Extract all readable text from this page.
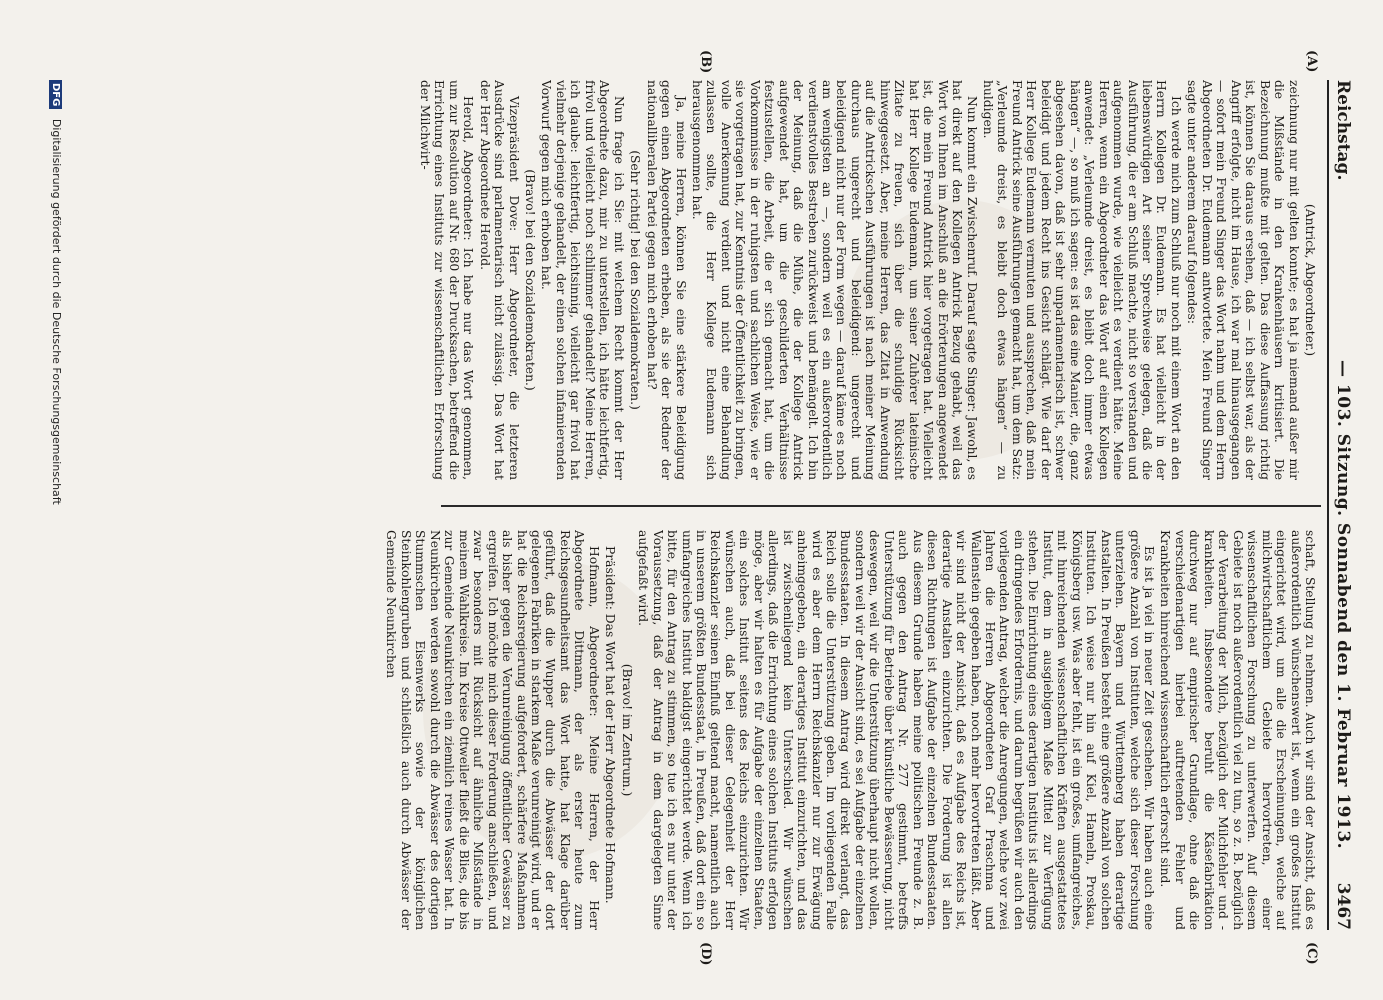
Reichstag.
— 103. Sitzung. Sonnabend den 1. Februar 1913.
3467
(A)
(B)
(C)
(D)

(Antrick, Abgeordneter.)

zeichnung nur mit gelten konnte; es hat ja niemand außer mir die Mißstände in den Krankenhäusern kritisiert. Die Bezeichnung mußte mit gelten. Das diese Auffassung richtig ist, können Sie daraus ersehen, daß — ich selbst war, als der Angriff erfolgte, nicht im Hause, ich war mal hinausgegangen — sofort mein Freund Singer das Wort nahm und dem Herrn Abgeordneten Dr. Eudemann antwortete. Mein Freund Singer sagte unter anderem darauf folgendes:

Ich werde mich zum Schluß nur noch mit einem Wort an den Herrn Kollegen Dr. Eudemann. Es hat vielleicht in der liebenswürdigen Art seiner Sprechweise gelegen, daß die Ausführung, die er am Schluß machte, nicht so verstanden und aufgenommen wurde, wie vielleicht es verdient hätte. Meine Herren, wenn ein Abgeordneter das Wort auf einen Kollegen anwendet: „Verleumde dreist, es bleibt doch immer etwas hängen“ —, so muß ich sagen: es ist das eine Manier, die, ganz abgesehen davon, daß ist sehr unparlamentarisch ist, schwer beleidigt und jedem Recht ins Gesicht schlägt. Wie darf der Herr Kollege Eudemann vermuten und aussprechen, daß mein Freund Antrick seine Ausführungen gemacht hat, um dem Satz: „Verleumde dreist, es bleibt doch etwas hängen“ — zu huldigen.

Nun kommt ein Zwischenruf. Darauf sagte Singer: Jawohl, es hat direkt auf den Kollegen Antrick Bezug gehabt, weil das Wort von Ihnen im Anschluß an die Erörterungen angewendet ist, die mein Freund Antrick hier vorgetragen hat. Vielleicht hat Herr Kollege Eudemann, um seiner Zuhörer lateinische Zitate zu freuen, sich über die schuldige Rücksicht hinweggesetzt. Aber, meine Herren, das Zitat in Anwendung auf die Antrickschen Ausführungen ist nach meiner Meinung durchaus ungerecht und beleidigend: ungerecht und beleidigend nicht nur der Form wegen — darauf käme es noch am wenigsten an —, sondern weil es ein außerordentlich verdienstvolles Bestreben zurückweist und bemängelt. Ich bin der Meinung, daß die Mühe, die der Kollege Antrick aufgewendet hat, um die geschilderten Verhältnisse festzustellen, die Arbeit, die er sich gemacht hat, um die Vorkommnisse in der ruhigsten und sachlichen Weise, wie er sie vorgetragen hat, zur Kenntnis der Öffentlichkeit zu bringen, volle Anerkennung verdient und nicht eine Behandlung zulassen sollte, die Herr Kollege Eudemann sich herausgenommen hat.

Ja, meine Herren, können Sie eine stärkere Beleidigung gegen einen Abgeordneten erheben, als sie der Redner der nationalliberalen Partei gegen mich erhoben hat?

(Sehr richtig! bei den Sozialdemokraten.)

Nun frage ich Sie: mit welchem Recht kommt der Herr Abgeordnete dazu, mir zu unterstellen, ich hätte leichtfertig, frivol und vielleicht noch schlimmer gehandelt? Meine Herren, ich glaube: leichtfertig, leichtsinnig, vielleicht gar frivol hat vielmehr derjenige gehandelt, der einen solchen infamierenden Vorwurf gegen mich erhoben hat.

(Bravo! bei den Sozialdemokraten.)

Vizepräsident Dove: Herr Abgeordneter, die letzteren Ausdrücke sind parlamentarisch nicht zulässig. Das Wort hat der Herr Abgeordnete Herold.

Herold, Abgeordneter: Ich habe nur das Wort genommen, um zur Resolution auf Nr. 680 der Drucksachen, betreffend die Errichtung eines Instituts zur wissenschaftlichen Erforschung der Milchwirt-

schaft, Stellung zu nehmen. Auch wir sind der Ansicht, daß es außerordentlich wünschenswert ist, wenn ein großes Institut eingerichtet wird, um alle die Erscheinungen, welche auf milchwirtschaftlichem Gebiete hervortreten, einer wissenschaftlichen Forschung zu unterwerfen. Auf diesem Gebiete ist noch außerordentlich viel zu tun, so z. B. bezüglich der Verarbeitung der Milch, bezüglich der Milchfehler und -krankheiten. Insbesondere beruht die Käsefabrikation durchweg nur auf empirischer Grundlage, ohne daß die verschiedenartigen hierbei auftretenden Fehler und Krankheiten hinreichend wissenschaftlich erforscht sind.

Es ist ja viel in neuer Zeit geschehen. Wir haben auch eine größere Anzahl von Instituten, welche sich dieser Forschung unterziehen. Bayern und Württemberg haben derartige Anstalten. In Preußen besteht eine größere Anzahl von solchen Instituten. Ich weise nur hin auf Kiel, Hameln, Proskau, Königsberg usw. Was aber fehlt, ist ein großes, umfangreiches, mit hinreichenden wissenschaftlichen Kräften ausgestattetes Institut, dem in ausgiebigem Maße Mittel zur Verfügung stehen. Die Einrichtung eines derartigen Instituts ist allerdings ein dringendes Erfordernis, und darum begrüßen wir auch den vorliegenden Antrag, welcher die Anregungen, welche vor zwei Jahren die Herren Abgeordneten Graf Praschma und Wallenstein gegeben haben, noch mehr hervortreten läßt. Aber wir sind nicht der Ansicht, daß es Aufgabe des Reichs ist, derartige Anstalten einzurichten. Die Forderung ist allen diesen Richtungen ist Aufgabe der einzelnen Bundesstaaten. Aus diesem Grunde haben meine politischen Freunde z. B. auch gegen den Antrag Nr. 277 gestimmt, betreffs Unterstützung für Betriebe über künstliche Bewässerung, nicht deswegen, weil wir die Unterstützung überhaupt nicht wollen, sondern weil wir der Ansicht sind, es sei Aufgabe der einzelnen Bundesstaaten. In diesem Antrag wird direkt verlangt, das Reich solle die Unterstützung geben. Im vorliegenden Falle wird es aber dem Herrn Reichskanzler nur zur Erwägung anheimgegeben, ein derartiges Institut einzurichten, und das ist zwischenliegend kein Unterschied. Wir wünschen allerdings, daß die Errichtung eines solchen Instituts erfolgen möge, aber wir halten es für Aufgabe der einzelnen Staaten, ein solches Institut seitens des Reichs einzurichten. Wir wünschen auch, daß bei dieser Gelegenheit der Herr Reichskanzler seinen Einfluß geltend macht, namentlich auch in unserem größten Bundesstaat, in Preußen, daß dort ein so umfangreiches Institut baldigst eingerichtet werde. Wenn ich bitte, für den Antrag zu stimmen, so tue ich es nur unter der Voraussetzung, daß der Antrag in dem dargelegten Sinne aufgefaßt wird.

(Bravo! im Zentrum.)

Präsident: Das Wort hat der Herr Abgeordnete Hofmann.

Hofmann, Abgeordneter: Meine Herren, der Herr Abgeordnete Dittmann, der als erster heute zum Reichsgesundheitsamt das Wort hatte, hat Klage darüber geführt, daß die Wupper durch die Abwässer der dort gelegenen Fabriken in starkem Maße verunreinigt wird, und er hat die Reichsregierung aufgefordert, schärfere Maßnahmen als bisher gegen die Verunreinigung öffentlicher Gewässer zu ergreifen. Ich möchte mich dieser Forderung anschließen, und zwar besonders mit Rücksicht auf ähnliche Mißstände in meinem Wahlkreise. Im Kreise Ottweiler fließt die Blies, die bis zur Gemeinde Neunkirchen ein ziemlich reines Wasser hat. In Neunkirchen werden sowohl durch die Abwässer des dortigen Stummschen Eisenwerks sowie der königlichen Steinkohlengruben und schließlich auch durch Abwässer der Gemeinde Neunkirchen

DFG Digitalisierung gefördert durch die Deutsche Forschungsgemeinschaft
